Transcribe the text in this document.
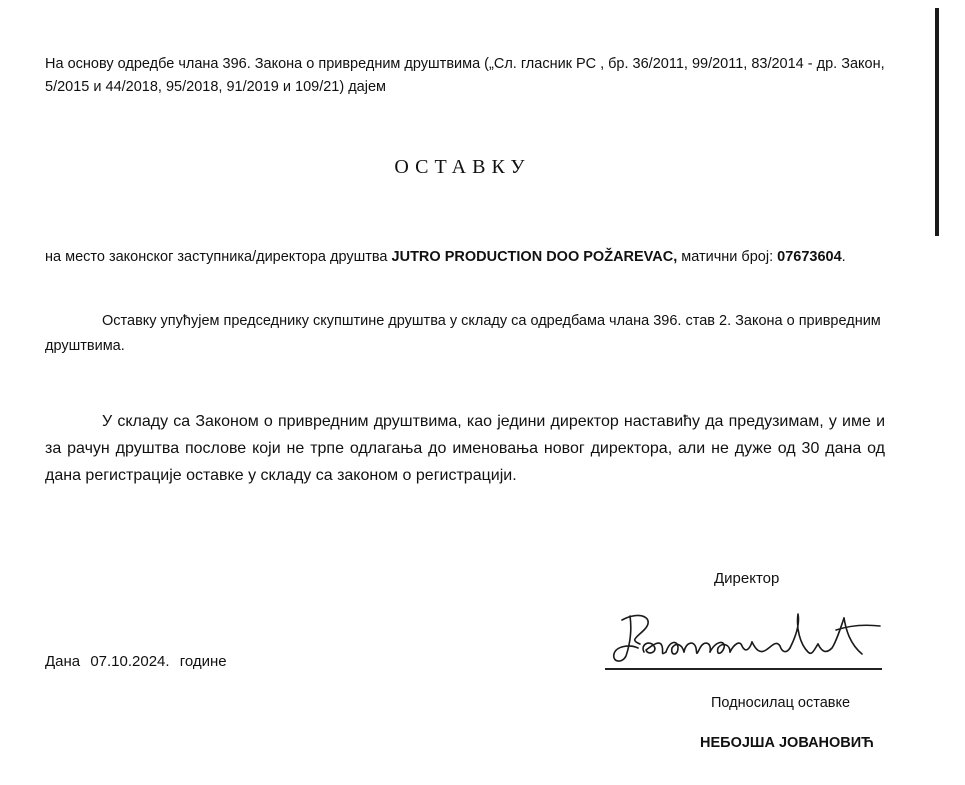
На основу одредбе члана 396. Закона о привредним друштвима („Сл. гласник РС , бр. 36/2011, 99/2011, 83/2014 - др. Закон, 5/2015 и 44/2018, 95/2018, 91/2019 и 109/21) дајем
ОСТАВКУ
на место законског заступника/директора друштва JUTRO PRODUCTION DOO POŽAREVAC, матични број: 07673604.
Оставку упућујем председнику скупштине друштва у складу са одредбама члана 396. став 2. Закона о привредним друштвима.
У складу са Законом о привредним друштвима, као једини директор наставићу да предузимам, у име и за рачун друштва послове који не трпе одлагања до именовања новог директора, али не дуже од 30 дана од дана регистрације оставке у складу са законом о регистрацији.
Дана 07.10.2024. године
Директор
Подносилац оставке
НЕБОЈША ЈОВАНОВИЋ
